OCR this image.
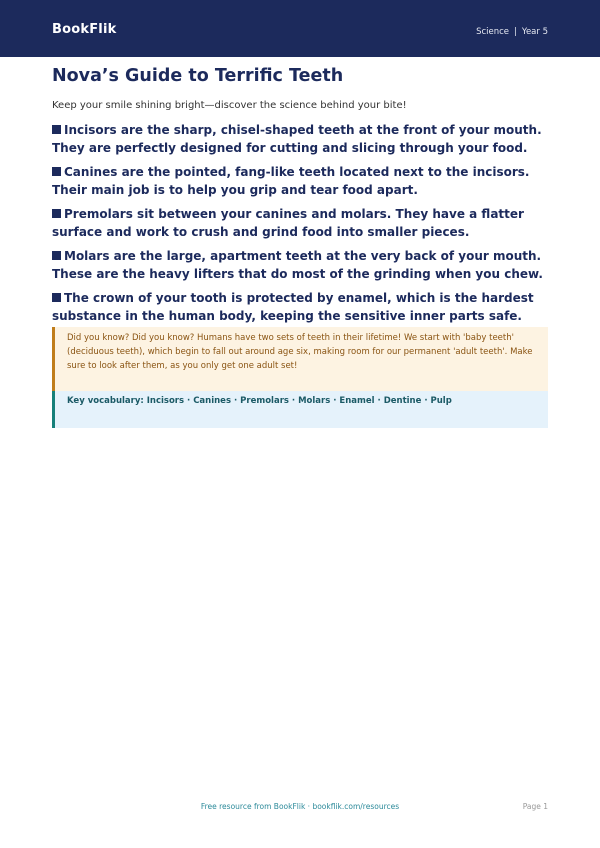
BookFlik	Science | Year 5
Nova’s Guide to Terrific Teeth

Keep your smile shining bright—discover the science behind your bite!

Incisors are the sharp, chisel-shaped teeth at the front of your mouth. They are perfectly designed for cutting and slicing through your food.
Canines are the pointed, fang-like teeth located next to the incisors. Their main job is to help you grip and tear food apart.
Premolars sit between your canines and molars. They have a flatter surface and work to crush and grind food into smaller pieces.
Molars are the large, apartment teeth at the very back of your mouth. These are the heavy lifters that do most of the grinding when you chew.
The crown of your tooth is protected by enamel, which is the hardest substance in the human body, keeping the sensitive inner parts safe.
Did you know? Did you know? Humans have two sets of teeth in their lifetime! We start with 'baby teeth' (deciduous teeth), which begin to fall out around age six, making room for our permanent 'adult teeth'. Make sure to look after them, as you only get one adult set!
Key vocabulary: Incisors · Canines · Premolars · Molars · Enamel · Dentine · Pulp
Free resource from BookFlik · bookflik.com/resources	Page 1
